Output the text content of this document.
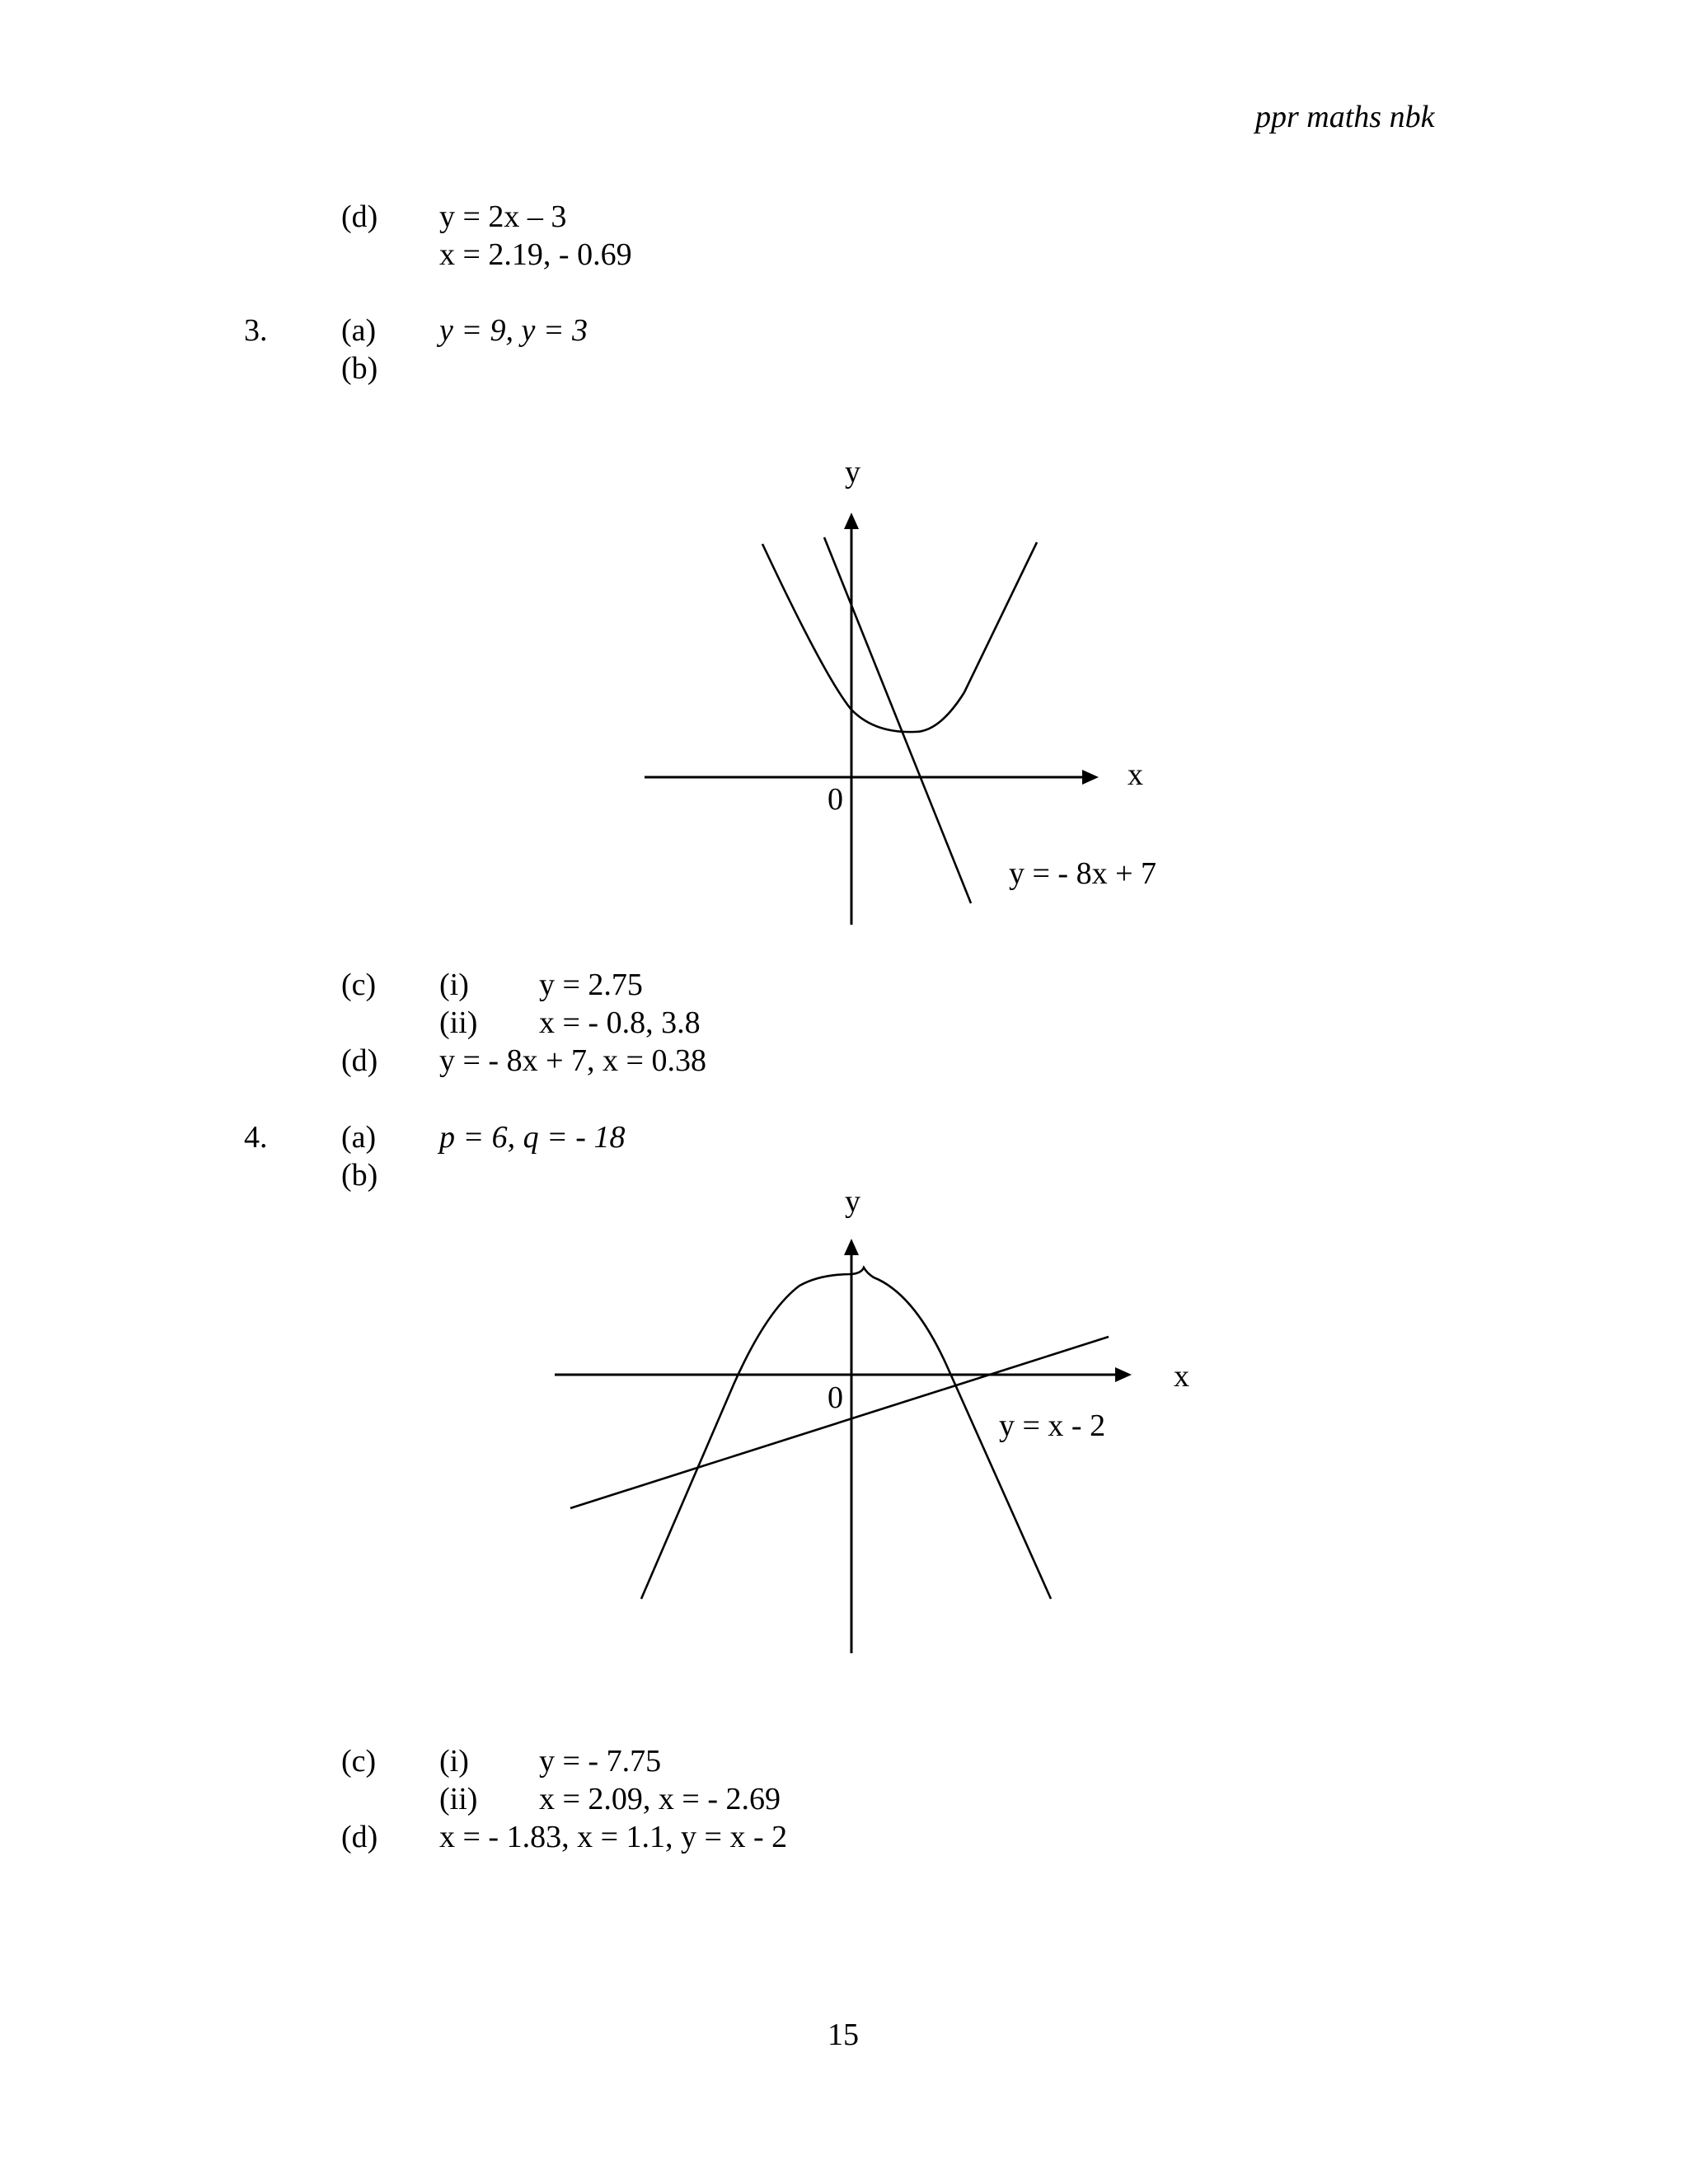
ppr maths nbk
(d) y = 2x – 3
x = 2.19, - 0.69
3. (a) y = 9, y = 3
(b)
y
x
0
y = - 8x + 7
(c) (i) y = 2.75
(ii) x = - 0.8, 3.8
(d) y = - 8x + 7, x = 0.38
4. (a) p = 6, q = - 18
(b)
y
x
0
y = x - 2
(c) (i) y = - 7.75
(ii) x = 2.09, x = - 2.69
(d) x = - 1.83, x = 1.1, y = x - 2
15
